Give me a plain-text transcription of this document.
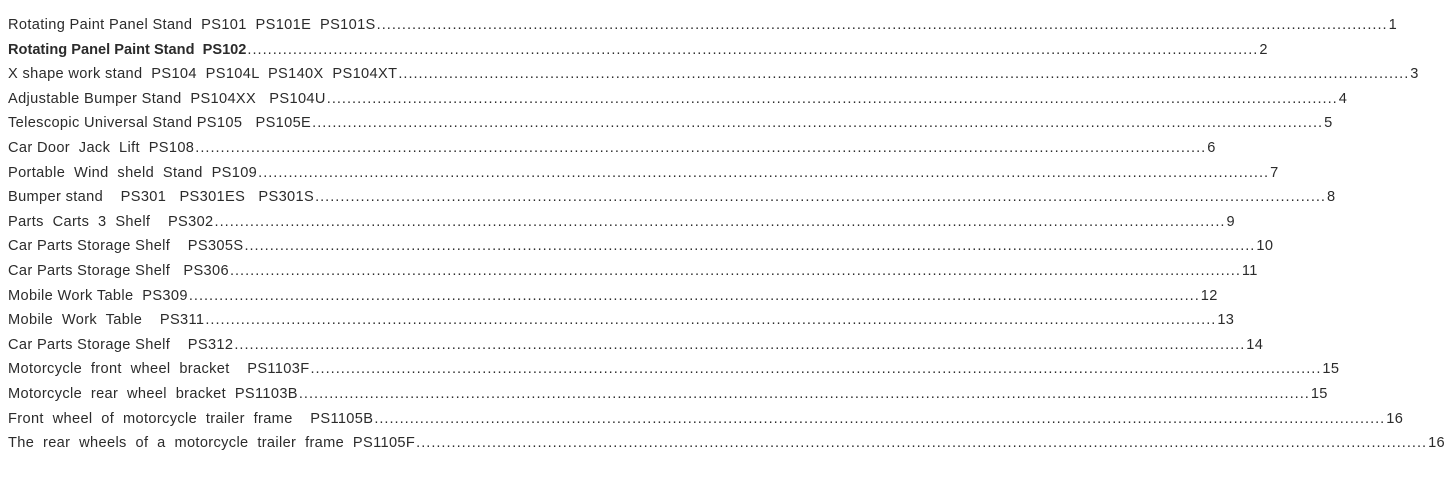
Rotating Paint Panel Stand  PS101  PS101E  PS101S ........................................................................................................................................................................................................ 1
Rotating Panel Paint Stand  PS102 ........................................................................................................................................................................................................ 2
X shape work stand  PS104  PS104L  PS140X  PS104XT ........................................................................................................................................................................................................ 3
Adjustable Bumper Stand  PS104XX   PS104U ........................................................................................................................................................................................................ 4
Telescopic Universal Stand PS105   PS105E ........................................................................................................................................................................................................ 5
Car Door  Jack  Lift  PS108 ........................................................................................................................................................................................................ 6
Portable  Wind  sheld  Stand  PS109 ........................................................................................................................................................................................................ 7
Bumper stand    PS301   PS301ES   PS301S ........................................................................................................................................................................................................ 8
Parts  Carts  3  Shelf    PS302 ........................................................................................................................................................................................................ 9
Car Parts Storage Shelf    PS305S ........................................................................................................................................................................................................ 10
Car Parts Storage Shelf   PS306 ........................................................................................................................................................................................................ 11
Mobile Work Table  PS309 ........................................................................................................................................................................................................ 12
Mobile  Work  Table    PS311 ........................................................................................................................................................................................................ 13
Car Parts Storage Shelf    PS312 ........................................................................................................................................................................................................ 14
Motorcycle  front  wheel  bracket    PS1103F ........................................................................................................................................................................................................ 15
Motorcycle  rear  wheel  bracket  PS1103B ........................................................................................................................................................................................................ 15
Front  wheel  of  motorcycle  trailer  frame    PS1105B ........................................................................................................................................................................................................ 16
The  rear  wheels  of  a  motorcycle  trailer  frame  PS1105F ........................................................................................................................................................................................................ 16
